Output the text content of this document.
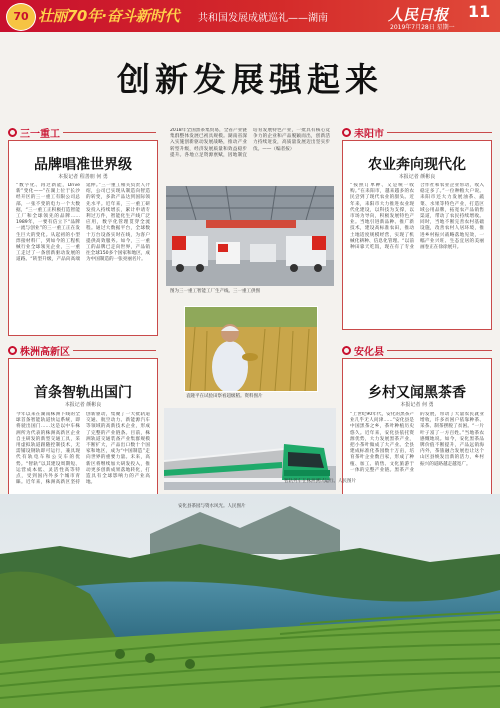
70 壮丽70年·奋斗新时代 共和国发展成就巡礼——湖南	人民日报 11
2019年7月28日 星期一
创新发展强起来
三一重工
品牌唱准世界级
本报记者 程善朋 何 勇
“数字化、再过新能，Drive新”变化——”在湖上位于长沙经开区的三一重工有限公司总部，一张不变的电力一个大数据，“三一重工正积极打造智能工厂和全球领先的品牌……1989年，一要有信立下“品牌一流与创业”的三一重工正在发生巨大的变化。从起初的小型焊接材料厂，到如今的工程机械行业全球领先企业，三一重工走过了一条创新驱动发展的道路。“转型升级，产品向高端延伸。”三一重工相关负责人介绍，公司已实现从制造向智造的转变，多款产品达到国际领先水平。近年来，三一重工研发投入持续增长，累计申请专利过万件，智能化生产线广泛应用，数字化管理贯穿全流程。通过大数据平台，全球数十万台设备实时在线，为客户提供高效服务。如今，三一重工的品牌已走向世界，产品销往全球150多个国家和地区，成为中国制造的一张亮丽名片。
株洲高新区
首条智轨出国门
本报记者 颜彬良
今年以来在湖南株洲下线的全球首条智能轨道快运系统，即将驶出国门……这是以中车株洲所为代表的株洲高新区企业自主研发的新型交通工具，采用虚拟轨道跟随控制技术，无需铺设钢轨即可运行，兼具现代有轨电车和公交车的优势。“智轨”以其建设周期短、运营成本低、灵活性高等特点，受到国内外多个城市青睐。近年来，株洲高新区坚持创新驱动，集聚了一大批轨道交通、航空动力、新能源汽车等领域的高新技术企业，形成了完整的产业链条。目前，株洲轨道交通装备产业集群规模不断扩大，产品出口数十个国家和地区，成为“中国制造”走向世界的重要力量。未来，高新区将继续加大研发投入，推动更多创新成果落地转化，打造具有全球影响力的产业高地。
耒阳市
农业奔向现代化
本报记者 颜彬良
“按照订单种、又是统一收购。”在耒阳市，越来越多的农民尝到了现代农业的甜头。近年来，耒阳市大力推进农业现代化建设，以科技为支撑，以市场为导向，积极发展特色产业。当地引进新品种、推广新技术，建设高标准农田，推动土地适度规模经营，实现了机械化耕种、信息化管理。“以前种田靠天吃饭，现在有了专业合作社和农业企业带动，收入稳定多了。”一位种粮大户说。耒阳市还大力发展油茶、蔬菜、水果等特色产业，打造区域公用品牌，拓宽农产品销售渠道，带动了农民持续增收。同时，当地不断完善农村基础设施，改善农村人居环境，推进乡村振兴战略落地见效，一幅产业兴旺、生态宜居的美丽画卷正在徐徐展开。
安化县
乡村又闻黑茶香
本报记者 何 勇
“上世纪90年代，安化的黑茶产业几乎无人问津……”安化县是中国黑茶之乡，茶叶种植历史悠久。近年来，安化县依托资源优势，大力发展黑茶产业，把小茶叶做成了大产业。全县建成标准化茶园数十万亩，培育茶叶企业数百家，形成了种植、加工、销售、文化旅游于一体的完整产业链。黑茶产业的发展，带动了大量农民就业增收，许多贫困户依靠种茶、采茶、制茶摆脱了贫困。“一片叶子富了一方百姓。”当地茶农感慨地说。如今，安化黑茶品牌价值不断提升，产品远销海内外，茶旅融合发展也让这个山区县焕发出新的活力，乡村振兴的道路越走越宽广。
2018年全国黑茶集贸易，全省产业链集群整体发展已初具规模。湖南省深入实施创新驱动发展战略，推动产业转型升级，经济发展质量和效益稳步提升。各地立足资源禀赋，因地制宜培育发展特色产业，一批具有核心竞争力的企业和产品脱颖而出，创新活力持续迸发，高质量发展迈出坚实步伐。——（编者按）
图为三一重工智能工厂生产线。三一重工供图
袁隆平在试验田察看超级稻。资料图片
智轨列车在株洲测试运行。人民图片
安化县茶园与资水风光。人民图片
